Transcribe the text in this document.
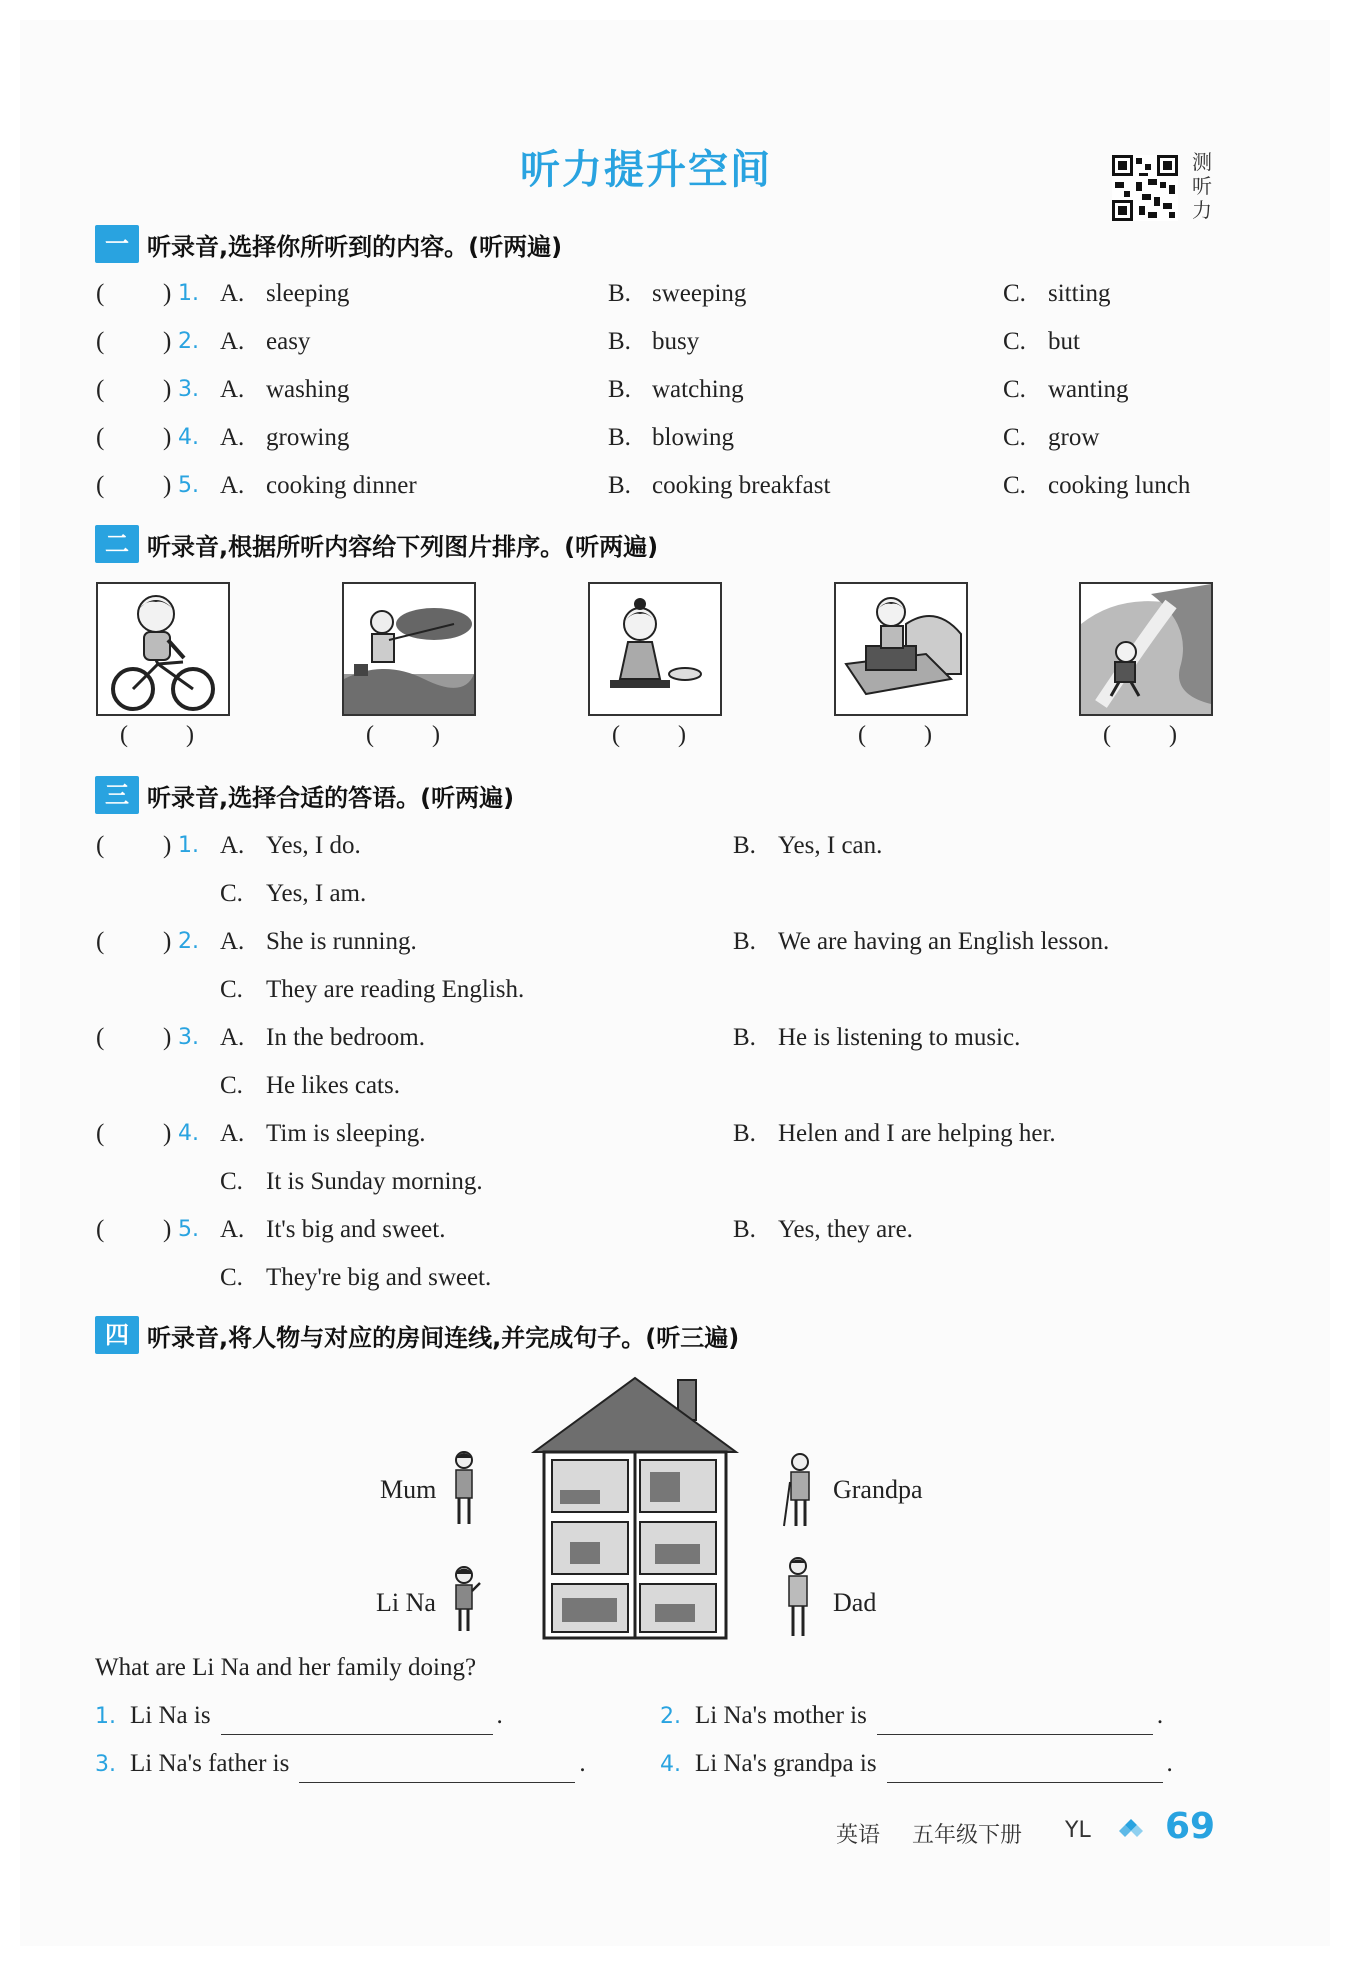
听力提升空间	测听力
一 听录音,选择你所听到的内容。(听两遍)
( ) 1. A. sleeping	B. sweeping	C. sitting
( ) 2. A. easy	B. busy	C. but
( ) 3. A. washing	B. watching	C. wanting
( ) 4. A. growing	B. blowing	C. grow
( ) 5. A. cooking dinner	B. cooking breakfast	C. cooking lunch
二 听录音,根据所听内容给下列图片排序。(听两遍)
( )	( )	( )	( )	( )
三 听录音,选择合适的答语。(听两遍)
( ) 1. A. Yes, I do.	B. Yes, I can.
C. Yes, I am.
( ) 2. A. She is running.	B. We are having an English lesson.
C. They are reading English.
( ) 3. A. In the bedroom.	B. He is listening to music.
C. He likes cats.
( ) 4. A. Tim is sleeping.	B. Helen and I are helping her.
C. It is Sunday morning.
( ) 5. A. It's big and sweet.	B. Yes, they are.
C. They're big and sweet.
四 听录音,将人物与对应的房间连线,并完成句子。(听三遍)
Mum
Li Na
Grandpa
Dad
What are Li Na and her family doing?
1. Li Na is	.	2. Li Na's mother is	.
3. Li Na's father is	.	4. Li Na's grandpa is	.
英语 五年级下册 YL 69
